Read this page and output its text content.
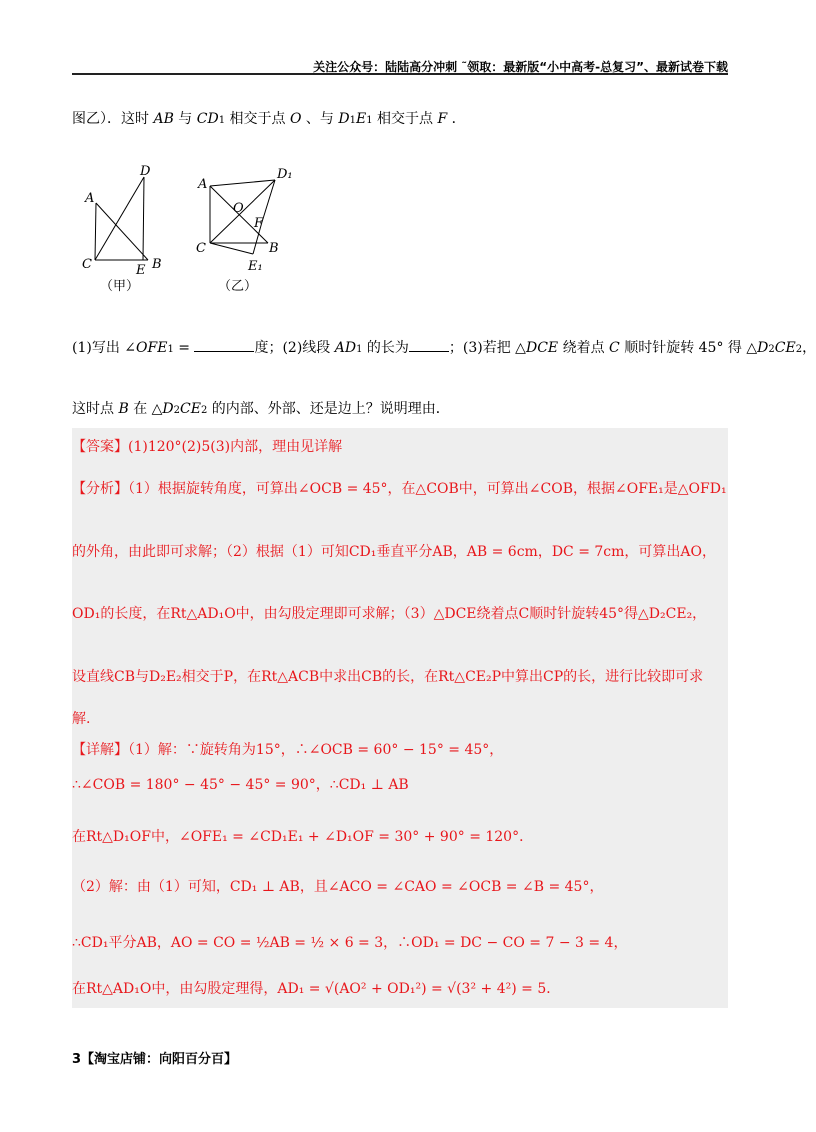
关注公众号：陆陆高分冲刺 ˜领取：最新版“小中高考-总复习”、最新试卷下载
图乙）．这时 AB 与 CD1 相交于点 O 、与 D1E1 相交于点 F ．
D
A
C	E B
A
D₁
O
F
C	B
E₁
（甲）	（乙）
(1)写出 ∠OFE1 =	度；(2)线段 AD1 的长为	；(3)若把 △DCE 绕着点 C 顺时针旋转 45° 得 △D2CE2，
这时点 B 在 △D2CE2 的内部、外部、还是边上？说明理由．
【答案】(1)120°(2)5(3)内部，理由见详解
【分析】（1）根据旋转角度，可算出∠OCB = 45°，在△COB中，可算出∠COB，根据∠OFE₁是△OFD₁
的外角，由此即可求解；（2）根据（1）可知CD₁垂直平分AB，AB = 6cm，DC = 7cm，可算出AO，
OD₁的长度，在Rt△AD₁O中，由勾股定理即可求解；（3）△DCE绕着点C顺时针旋转45°得△D₂CE₂，
设直线CB与D₂E₂相交于P，在Rt△ACB中求出CB的长，在Rt△CE₂P中算出CP的长，进行比较即可求
解.
【详解】（1）解：∵旋转角为15°，∴∠OCB = 60° − 15° = 45°，
∴∠COB = 180° − 45° − 45° = 90°，∴CD₁ ⊥ AB
在Rt△D₁OF中，∠OFE₁ = ∠CD₁E₁ + ∠D₁OF = 30° + 90° = 120°．
（2）解：由（1）可知，CD₁ ⊥ AB，且∠ACO = ∠CAO = ∠OCB = ∠B = 45°，
∴CD₁平分AB，AO = CO = ½AB = ½ × 6 = 3，∴OD₁ = DC − CO = 7 − 3 = 4，
在Rt△AD₁O中，由勾股定理得，AD₁ = √(AO² + OD₁²) = √(3² + 4²) = 5．
3【淘宝店铺：向阳百分百】
